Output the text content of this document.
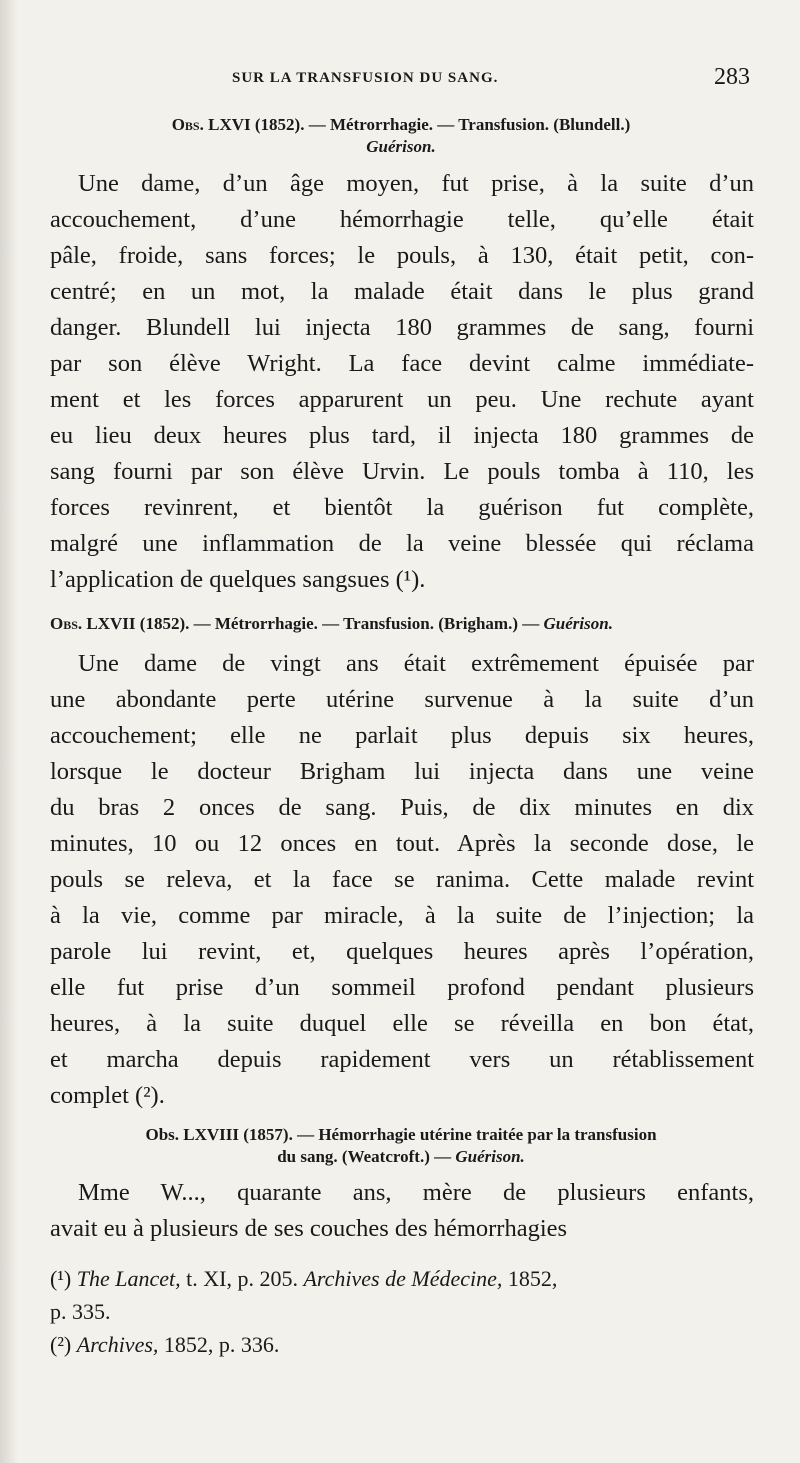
SUR LA TRANSFUSION DU SANG.	283
Obs. LXVI (1852). — Métrorrhagie. — Transfusion. (Blundell.)
Guérison.
Une dame, d’un âge moyen, fut prise, à la suite d’un
accouchement, d’une hémorrhagie telle, qu’elle était
pâle, froide, sans forces; le pouls, à 130, était petit, con-
centré; en un mot, la malade était dans le plus grand
danger. Blundell lui injecta 180 grammes de sang, fourni
par son élève Wright. La face devint calme immédiate-
ment et les forces apparurent un peu. Une rechute ayant
eu lieu deux heures plus tard, il injecta 180 grammes de
sang fourni par son élève Urvin. Le pouls tomba à 110, les
forces revinrent, et bientôt la guérison fut complète,
malgré une inflammation de la veine blessée qui réclama
l’application de quelques sangsues (¹).
Obs. LXVII (1852). — Métrorrhagie. — Transfusion. (Brigham.) — Guérison.
Une dame de vingt ans était extrêmement épuisée par
une abondante perte utérine survenue à la suite d’un
accouchement; elle ne parlait plus depuis six heures,
lorsque le docteur Brigham lui injecta dans une veine
du bras 2 onces de sang. Puis, de dix minutes en dix
minutes, 10 ou 12 onces en tout. Après la seconde dose, le
pouls se releva, et la face se ranima. Cette malade revint
à la vie, comme par miracle, à la suite de l’injection; la
parole lui revint, et, quelques heures après l’opération,
elle fut prise d’un sommeil profond pendant plusieurs
heures, à la suite duquel elle se réveilla en bon état,
et marcha depuis rapidement vers un rétablissement
complet (²).
Obs. LXVIII (1857). — Hémorrhagie utérine traitée par la transfusion
du sang. (Weatcroft.) — Guérison.
Mme W..., quarante ans, mère de plusieurs enfants,
avait eu à plusieurs de ses couches des hémorrhagies
(¹) The Lancet, t. XI, p. 205. Archives de Médecine, 1852,
p. 335.
(²) Archives, 1852, p. 336.
